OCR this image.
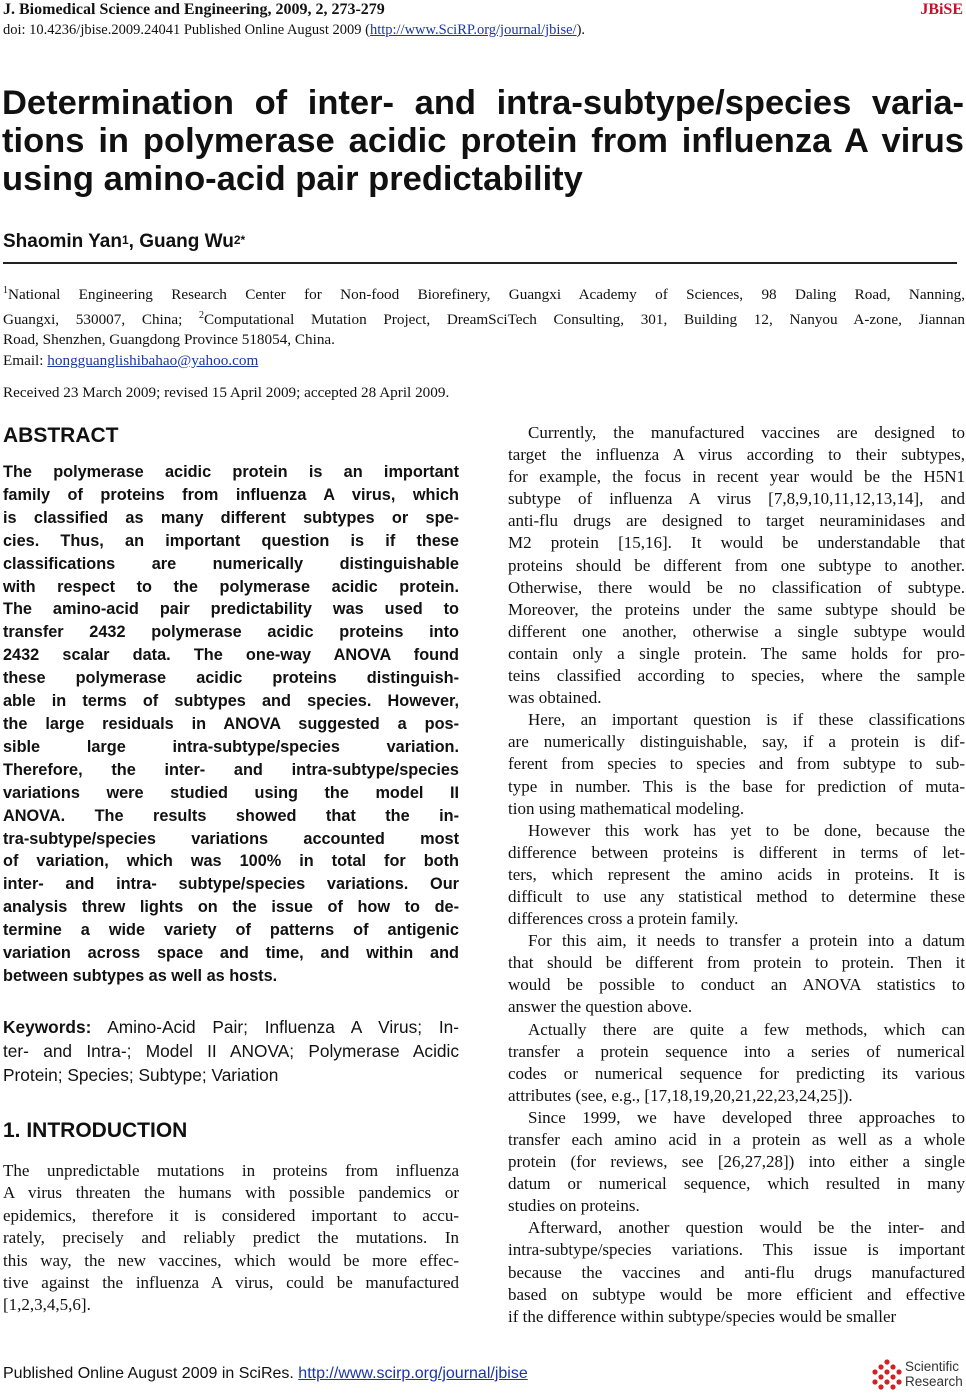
J. Biomedical Science and Engineering, 2009, 2, 273-279	JBiSE
doi: 10.4236/jbise.2009.24041 Published Online August 2009 (http://www.SciRP.org/journal/jbise/).
Determination of inter- and intra-subtype/species varia-
tions in polymerase acidic protein from influenza A virus
using amino-acid pair predictability
Shaomin Yan$^1$, Guang $Wu^{2*}$
$^1$National Engineering Research Center for Non-food Biorefinery, Guangxi Academy of Sciences, 98 Daling Road, Nanning,
Guangxi, 530007, China; $^2$Computational Mutation Project, DreamSciTech Consulting, 301, Building 12, Nanyou A-zone, Jiannan
Road, Shenzhen, Guangdong Province 518054, China.
Email: hongguanglishibahao@yahoo.com
Received 23 March 2009; revised 15 April 2009; accepted 28 April 2009.
ABSTRACT
The polymerase acidic protein is an important
family of proteins from influenza A virus, which
is classified as many different subtypes or spe-
cies. Thus, an important question is if these
classifications are numerically distinguishable
with respect to the polymerase acidic protein.
The amino-acid pair predictability was used to
transfer 2432 polymerase acidic proteins into
2432 scalar data. The one-way ANOVA found
these polymerase acidic proteins distinguish-
able in terms of subtypes and species. However,
the large residuals in ANOVA suggested a pos-
sible large intra-subtype/species variation.
Therefore, the inter- and intra-subtype/species
variations were studied using the model II
ANOVA. The results showed that the in-
tra-subtype/species variations accounted most
of variation, which was 100% in total for both
inter- and intra- subtype/species variations. Our
analysis threw lights on the issue of how to de-
termine a wide variety of patterns of antigenic
variation across space and time, and within and
between subtypes as well as hosts.
Keywords: Amino-Acid Pair; Influenza A Virus; In-
ter- and Intra-; Model II ANOVA; Polymerase Acidic
Protein; Species; Subtype; Variation
1. INTRODUCTION
The unpredictable mutations in proteins from influenza
A virus threaten the humans with possible pandemics or
epidemics, therefore it is considered important to accu-
rately, precisely and reliably predict the mutations. In
this way, the new vaccines, which would be more effec-
tive against the influenza A virus, could be manufactured
[1,2,3,4,5,6].
Currently, the manufactured vaccines are designed to
target the influenza A virus according to their subtypes,
for example, the focus in recent year would be the H5N1
subtype of influenza A virus [7,8,9,10,11,12,13,14], and
anti-flu drugs are designed to target neuraminidases and
M2 protein [15,16]. It would be understandable that
proteins should be different from one subtype to another.
Otherwise, there would be no classification of subtype.
Moreover, the proteins under the same subtype should be
different one another, otherwise a single subtype would
contain only a single protein. The same holds for pro-
teins classified according to species, where the sample
was obtained.
Here, an important question is if these classifications
are numerically distinguishable, say, if a protein is dif-
ferent from species to species and from subtype to sub-
type in number. This is the base for prediction of muta-
tion using mathematical modeling.
However this work has yet to be done, because the
difference between proteins is different in terms of let-
ters, which represent the amino acids in proteins. It is
difficult to use any statistical method to determine these
differences cross a protein family.
For this aim, it needs to transfer a protein into a datum
that should be different from protein to protein. Then it
would be possible to conduct an ANOVA statistics to
answer the question above.
Actually there are quite a few methods, which can
transfer a protein sequence into a series of numerical
codes or numerical sequence for predicting its various
attributes (see, e.g., [17,18,19,20,21,22,23,24,25]).
Since 1999, we have developed three approaches to
transfer each amino acid in a protein as well as a whole
protein (for reviews, see [26,27,28]) into either a single
datum or numerical sequence, which resulted in many
studies on proteins.
Afterward, another question would be the inter- and
intra-subtype/species variations. This issue is important
because the vaccines and anti-flu drugs manufactured
based on subtype would be more efficient and effective
if the difference within subtype/species would be smaller
Published Online August 2009 in SciRes. http://www.scirp.org/journal/jbise	Scientific
Research
